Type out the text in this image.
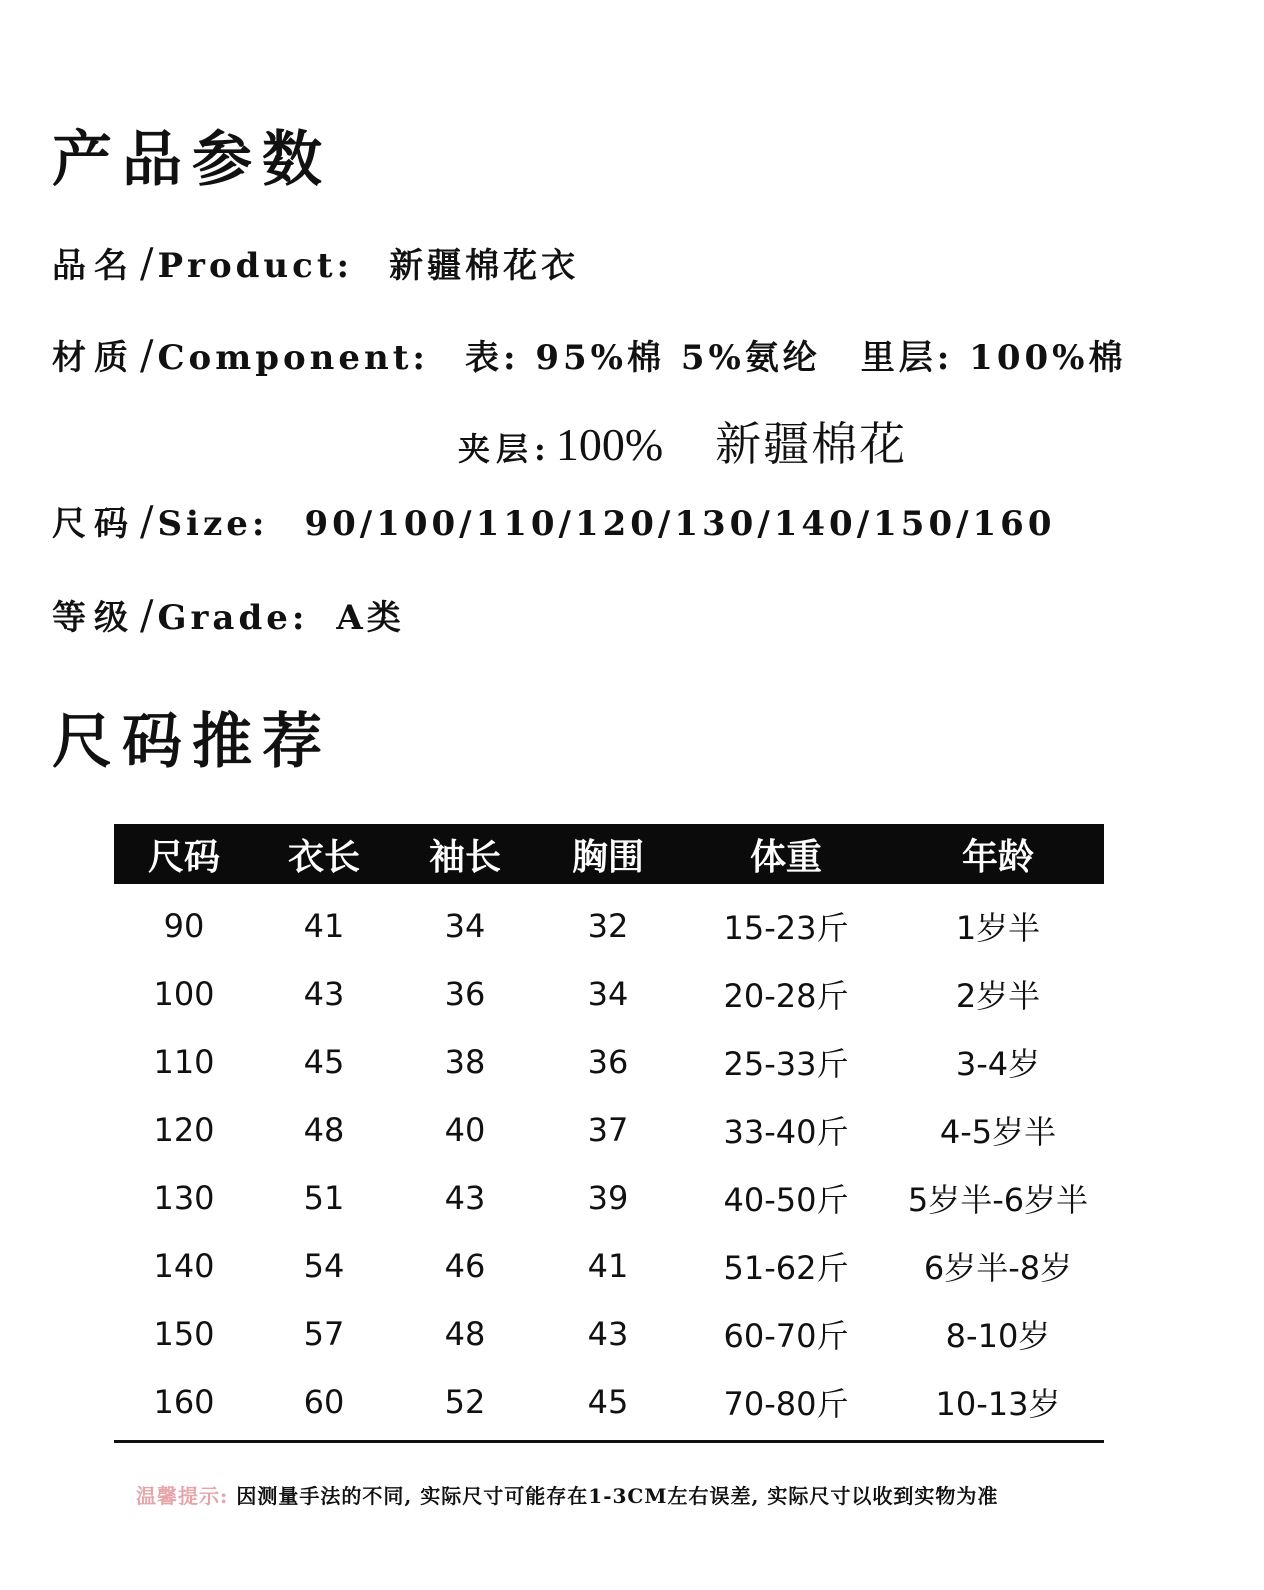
产品参数
品名 / Product: 新疆棉花衣
材质 / Component: 表: 95%棉 5%氨纶 里层: 100%棉
夹层: 100% 新疆棉花
尺码 / Size: 90/100/110/120/130/140/150/160
等级 / Grade: A类
尺码推荐
尺码	衣长	袖长	胸围	体重	年龄
90	41	34	32	15-23斤	1岁半
100	43	36	34	20-28斤	2岁半
110	45	38	36	25-33斤	3-4岁
120	48	40	37	33-40斤	4-5岁半
130	51	43	39	40-50斤	5岁半-6岁半
140	54	46	41	51-62斤	6岁半-8岁
150	57	48	43	60-70斤	8-10岁
160	60	52	45	70-80斤	10-13岁
温馨提示: 因测量手法的不同, 实际尺寸可能存在1-3CM左右误差, 实际尺寸以收到实物为准
